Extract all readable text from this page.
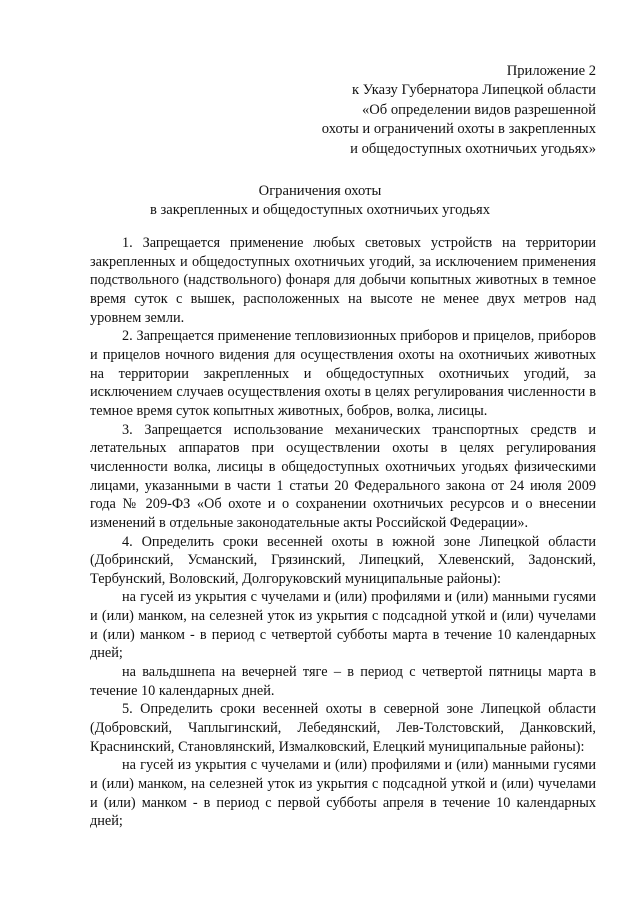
Приложение 2
к Указу Губернатора Липецкой области
«Об определении видов разрешенной
охоты и ограничений охоты в закрепленных
и общедоступных охотничьих угодьях»
Ограничения охоты
в закрепленных и общедоступных охотничьих угодьях

1. Запрещается применение любых световых устройств на территории закрепленных и общедоступных охотничьих угодий, за исключением применения подствольного (надствольного) фонаря для добычи копытных животных в темное время суток с вышек, расположенных на высоте не менее двух метров над уровнем земли.

2. Запрещается применение тепловизионных приборов и прицелов, приборов и прицелов ночного видения для осуществления охоты на охотничьих животных на территории закрепленных и общедоступных охотничьих угодий, за исключением случаев осуществления охоты в целях регулирования численности в темное время суток копытных животных, бобров, волка, лисицы.

3. Запрещается использование механических транспортных средств и летательных аппаратов при осуществлении охоты в целях регулирования численности волка, лисицы в общедоступных охотничьих угодьях физическими лицами, указанными в части 1 статьи 20 Федерального закона от 24 июля 2009 года № 209-ФЗ «Об охоте и о сохранении охотничьих ресурсов и о внесении изменений в отдельные законодательные акты Российской Федерации».

4. Определить сроки весенней охоты в южной зоне Липецкой области (Добринский, Усманский, Грязинский, Липецкий, Хлевенский, Задонский, Тербунский, Воловский, Долгоруковский муниципальные районы):

на гусей из укрытия с чучелами и (или) профилями и (или) манными гусями и (или) манком, на селезней уток из укрытия с подсадной уткой и (или) чучелами и (или) манком - в период с четвертой субботы марта в течение 10 календарных дней;

на вальдшнепа на вечерней тяге – в период с четвертой пятницы марта в течение 10 календарных дней.

5. Определить сроки весенней охоты в северной зоне Липецкой области (Добровский, Чаплыгинский, Лебедянский, Лев-Толстовский, Данковский, Краснинский, Становлянский, Измалковский, Елецкий муниципальные районы):

на гусей из укрытия с чучелами и (или) профилями и (или) манными гусями и (или) манком, на селезней уток из укрытия с подсадной уткой и (или) чучелами и (или) манком - в период с первой субботы апреля в течение 10 календарных дней;
